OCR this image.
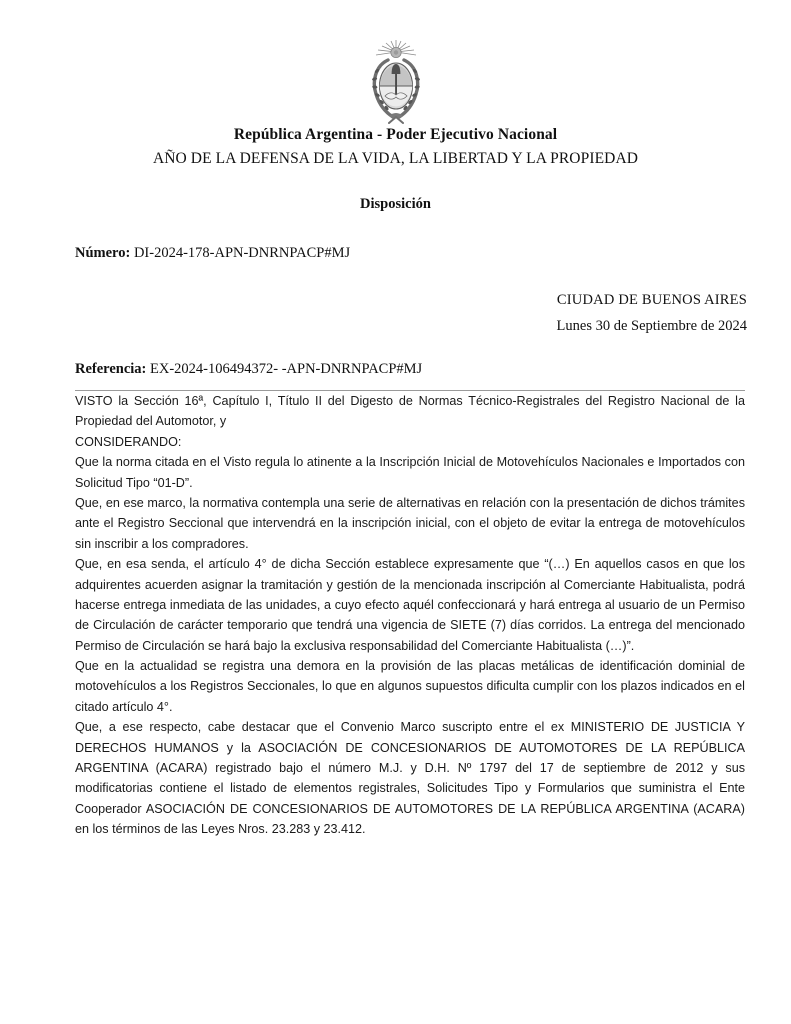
República Argentina - Poder Ejecutivo Nacional
AÑO DE LA DEFENSA DE LA VIDA, LA LIBERTAD Y LA PROPIEDAD
Disposición
Número: DI-2024-178-APN-DNRNPACP#MJ
CIUDAD DE BUENOS AIRES
Lunes 30 de Septiembre de 2024
Referencia: EX-2024-106494372- -APN-DNRNPACP#MJ

VISTO la Sección 16ª, Capítulo I, Título II del Digesto de Normas Técnico-Registrales del Registro Nacional de la Propiedad del Automotor, y

CONSIDERANDO:

Que la norma citada en el Visto regula lo atinente a la Inscripción Inicial de Motovehículos Nacionales e Importados con Solicitud Tipo “01-D”.

Que, en ese marco, la normativa contempla una serie de alternativas en relación con la presentación de dichos trámites ante el Registro Seccional que intervendrá en la inscripción inicial, con el objeto de evitar la entrega de motovehículos sin inscribir a los compradores.

Que, en esa senda, el artículo 4° de dicha Sección establece expresamente que “(…) En aquellos casos en que los adquirentes acuerden asignar la tramitación y gestión de la mencionada inscripción al Comerciante Habitualista, podrá hacerse entrega inmediata de las unidades, a cuyo efecto aquél confeccionará y hará entrega al usuario de un Permiso de Circulación de carácter temporario que tendrá una vigencia de SIETE (7) días corridos. La entrega del mencionado Permiso de Circulación se hará bajo la exclusiva responsabilidad del Comerciante Habitualista (…)”.

Que en la actualidad se registra una demora en la provisión de las placas metálicas de identificación dominial de motovehículos a los Registros Seccionales, lo que en algunos supuestos dificulta cumplir con los plazos indicados en el citado artículo 4°.

Que, a ese respecto, cabe destacar que el Convenio Marco suscripto entre el ex MINISTERIO DE JUSTICIA Y DERECHOS HUMANOS y la ASOCIACIÓN DE CONCESIONARIOS DE AUTOMOTORES DE LA REPÚBLICA ARGENTINA (ACARA) registrado bajo el número M.J. y D.H. Nº 1797 del 17 de septiembre de 2012 y sus modificatorias contiene el listado de elementos registrales, Solicitudes Tipo y Formularios que suministra el Ente Cooperador ASOCIACIÓN DE CONCESIONARIOS DE AUTOMOTORES DE LA REPÚBLICA ARGENTINA (ACARA) en los términos de las Leyes Nros. 23.283 y 23.412.
